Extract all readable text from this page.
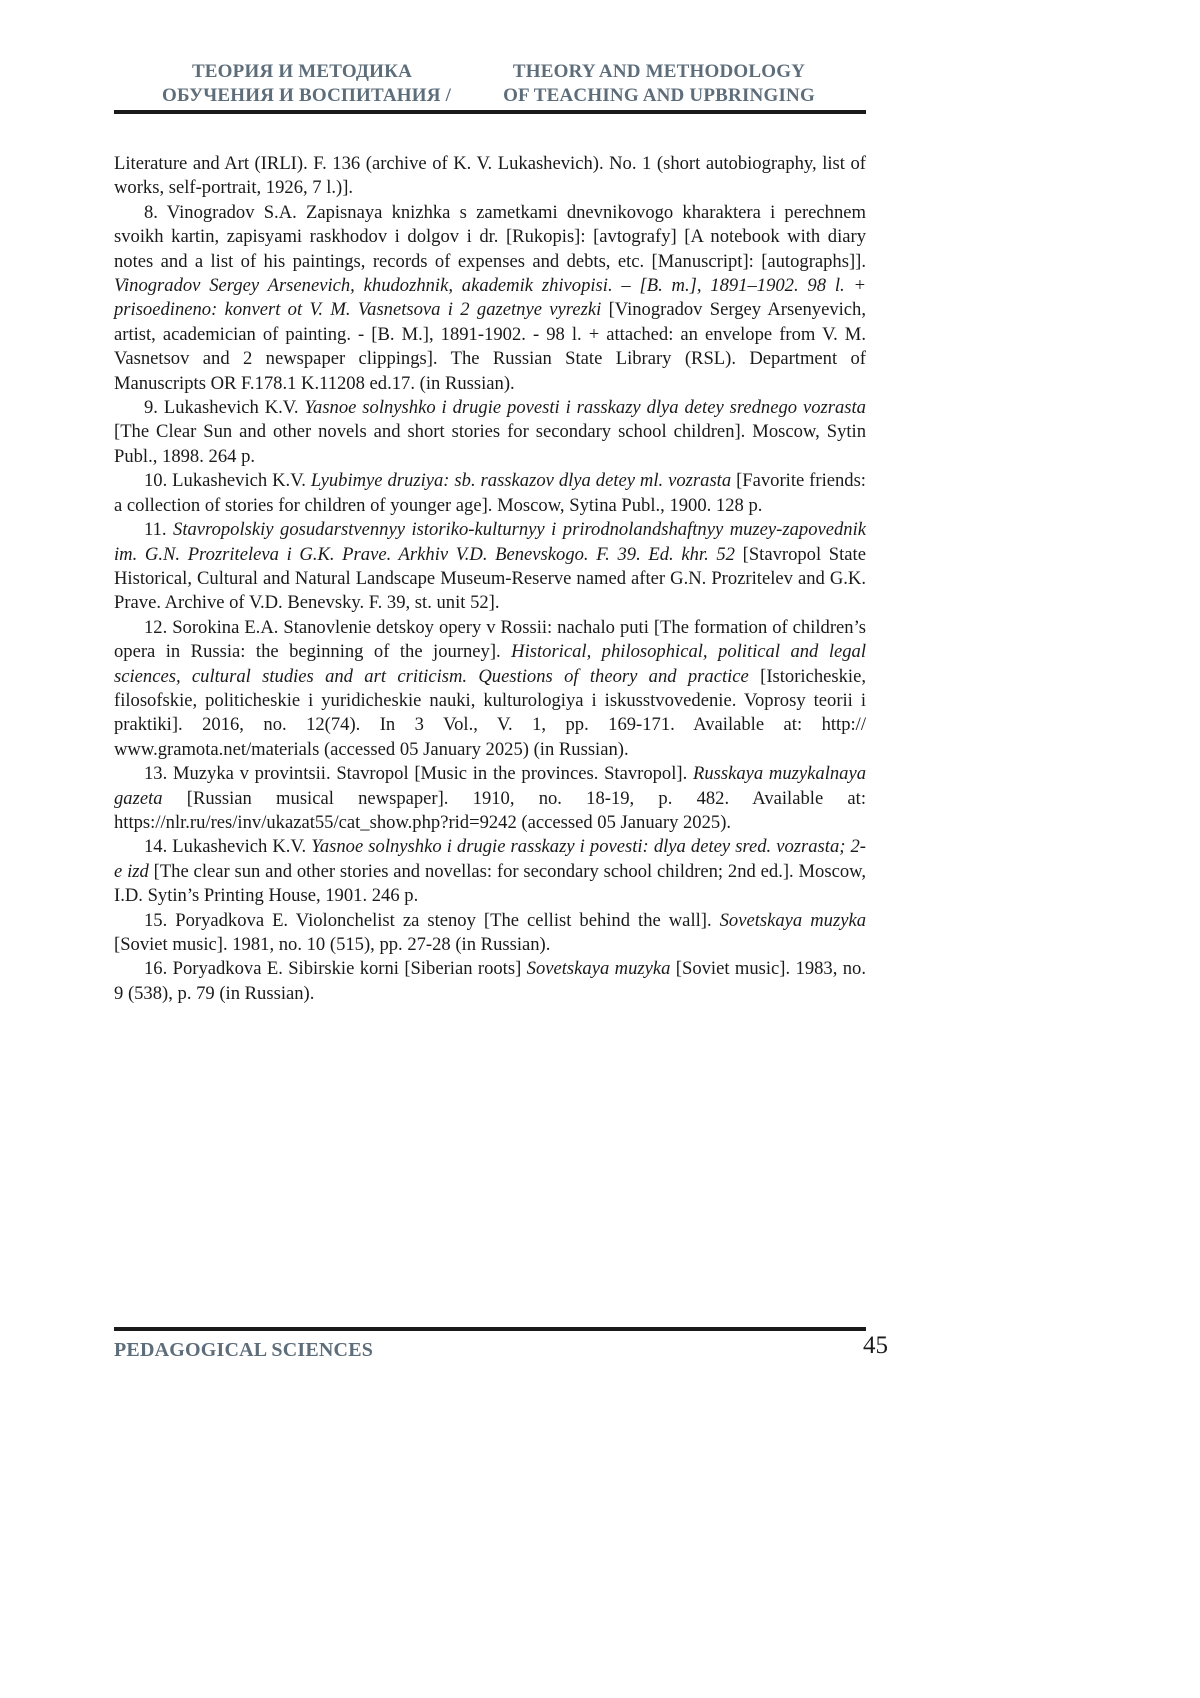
ТЕОРИЯ И МЕТОДИКА
ОБУЧЕНИЯ И ВОСПИТАНИЯ /
THEORY AND METHODOLOGY
OF TEACHING AND UPBRINGING

Literature and Art (IRLI). F. 136 (archive of K. V. Lukashevich). No. 1 (short autobiography, list of works, self-portrait, 1926, 7 l.)].

8. Vinogradov S.A. Zapisnaya knizhka s zametkami dnevnikovogo kharaktera i perechnem svoikh kartin, zapisyami raskhodov i dolgov i dr. [Rukopis]: [avtografy] [A notebook with diary notes and a list of his paintings, records of expenses and debts, etc. [Manuscript]: [autographs]]. Vinogradov Sergey Arsenevich, khudozhnik, akademik zhivopisi. – [B. m.], 1891–1902. 98 l. + prisoedineno: konvert ot V. M. Vasnetsova i 2 gazetnye vyrezki [Vinogradov Sergey Arsenyevich, artist, academician of painting. - [B. M.], 1891-1902. - 98 l. + attached: an envelope from V. M. Vasnetsov and 2 newspaper clippings]. The Russian State Library (RSL). Department of Manuscripts OR F.178.1 K.11208 ed.17. (in Russian).

9. Lukashevich K.V. Yasnoe solnyshko i drugie povesti i rasskazy dlya detey srednego vozrasta [The Clear Sun and other novels and short stories for secondary school children]. Moscow, Sytin Publ., 1898. 264 p.

10. Lukashevich K.V. Lyubimye druziya: sb. rasskazov dlya detey ml. vozrasta [Favorite friends: a collection of stories for children of younger age]. Moscow, Sytina Publ., 1900. 128 p.

11. Stavropolskiy gosudarstvennyy istoriko-kulturnyy i prirodnolandshaftnyy muzey-zapovednik im. G.N. Prozriteleva i G.K. Prave. Arkhiv V.D. Benevskogo. F. 39. Ed. khr. 52 [Stavropol State Historical, Cultural and Natural Landscape Museum-Reserve named after G.N. Prozritelev and G.K. Prave. Archive of V.D. Benevsky. F. 39, st. unit 52].

12. Sorokina E.A. Stanovlenie detskoy opery v Rossii: nachalo puti [The formation of children’s opera in Russia: the beginning of the journey]. Historical, philosophical, political and legal sciences, cultural studies and art criticism. Questions of theory and practice [Istoricheskie, filosofskie, politicheskie i yuridicheskie nauki, kulturologiya i iskusstvovedenie. Voprosy teorii i praktiki]. 2016, no. 12(74). In 3 Vol., V. 1, pp. 169-171. Available at: http://​www.gramota.net/materials (accessed 05 January 2025) (in Russian).

13. Muzyka v provintsii. Stavropol [Music in the provinces. Stavropol]. Russkaya muzykalnaya gazeta [Russian musical newspaper]. 1910, no. 18-19, p. 482. Available at: https://nlr.ru/res/inv/ukazat55/cat_show.php?rid=9242 (accessed 05 January 2025).

14. Lukashevich K.V. Yasnoe solnyshko i drugie rasskazy i povesti: dlya detey sred. vozrasta; 2-e izd [The clear sun and other stories and novellas: for secondary school children; 2nd ed.]. Moscow, I.D. Sytin’s Printing House, 1901. 246 p.

15. Poryadkova E. Violonchelist za stenoy [The cellist behind the wall]. Sovetskaya muzyka [Soviet music]. 1981, no. 10 (515), pp. 27-28 (in Russian).

16. Poryadkova E. Sibirskie korni [Siberian roots] Sovetskaya muzyka [Soviet music]. 1983, no. 9 (538), p. 79 (in Russian).

PEDAGOGICAL SCIENCES	45
